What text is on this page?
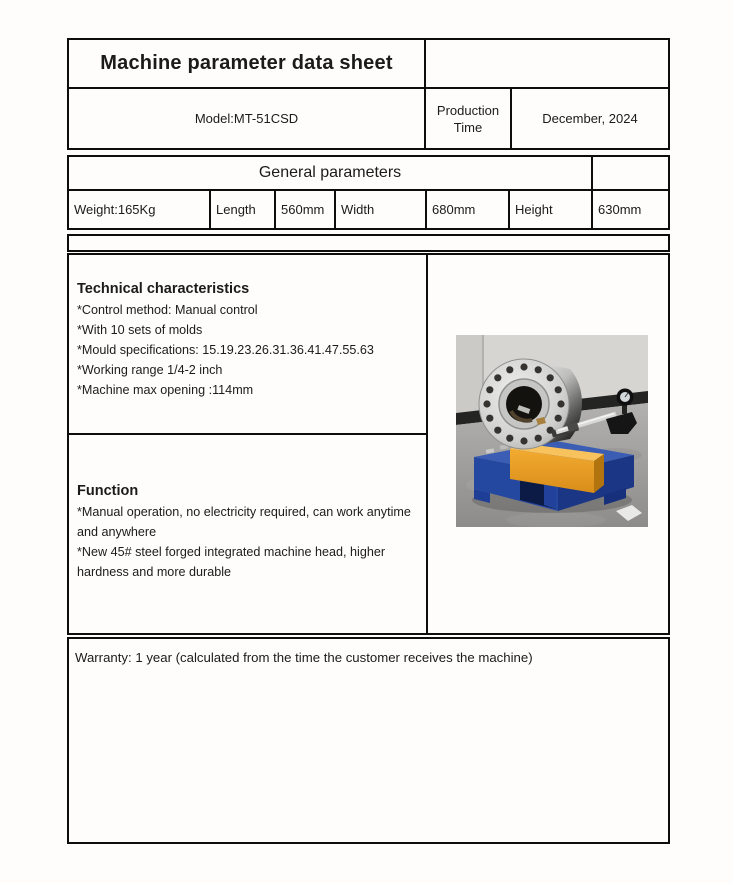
Machine parameter data sheet		
Model:MT-51CSD	Production Time	December, 2024
General parameters						
Weight:165Kg	Length	560mm	Width	680mm	Height	630mm
Technical characteristics
*Control method: Manual control
*With 10 sets of molds
*Mould specifications: 15.19.23.26.31.36.41.47.55.63
*Working range 1/4-2 inch
*Machine max opening :114mm

Function
*Manual operation, no electricity required, can work anytime and anywhere
*New 45# steel forged integrated machine head, higher hardness and more durable
Warranty: 1 year (calculated from the time the customer receives the machine)
